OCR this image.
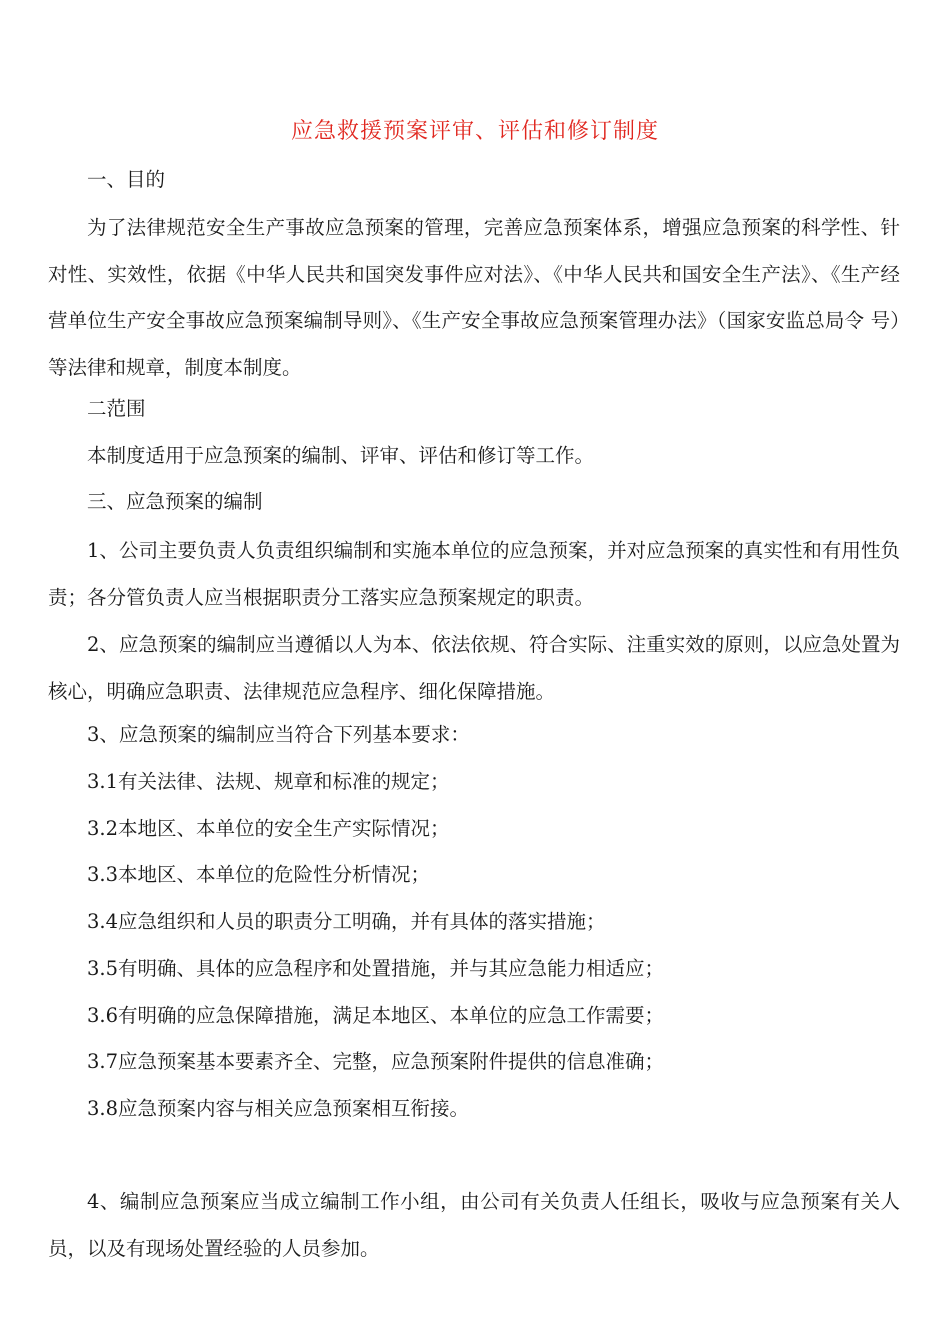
应急救援预案评审、评估和修订制度

一、目的

为了法律规范安全生产事故应急预案的管理，完善应急预案体系，增强应急预案的科学性、针对性、实效性，依据《中华人民共和国突发事件应对法》、《中华人民共和国安全生产法》、《生产经营单位生产安全事故应急预案编制导则》、《生产安全事故应急预案管理办法》（国家安监总局令 号）等法律和规章，制度本制度。

二范围

本制度适用于应急预案的编制、评审、评估和修订等工作。

三、应急预案的编制

1、公司主要负责人负责组织编制和实施本单位的应急预案，并对应急预案的真实性和有用性负责；各分管负责人应当根据职责分工落实应急预案规定的职责。

2、应急预案的编制应当遵循以人为本、依法依规、符合实际、注重实效的原则，以应急处置为核心，明确应急职责、法律规范应急程序、细化保障措施。

3、应急预案的编制应当符合下列基本要求：

3.1有关法律、法规、规章和标准的规定；

3.2本地区、本单位的安全生产实际情况；

3.3本地区、本单位的危险性分析情况；

3.4应急组织和人员的职责分工明确，并有具体的落实措施；

3.5有明确、具体的应急程序和处置措施，并与其应急能力相适应；

3.6有明确的应急保障措施，满足本地区、本单位的应急工作需要；

3.7应急预案基本要素齐全、完整，应急预案附件提供的信息准确；

3.8应急预案内容与相关应急预案相互衔接。

4、编制应急预案应当成立编制工作小组，由公司有关负责人任组长，吸收与应急预案有关人员，以及有现场处置经验的人员参加。
